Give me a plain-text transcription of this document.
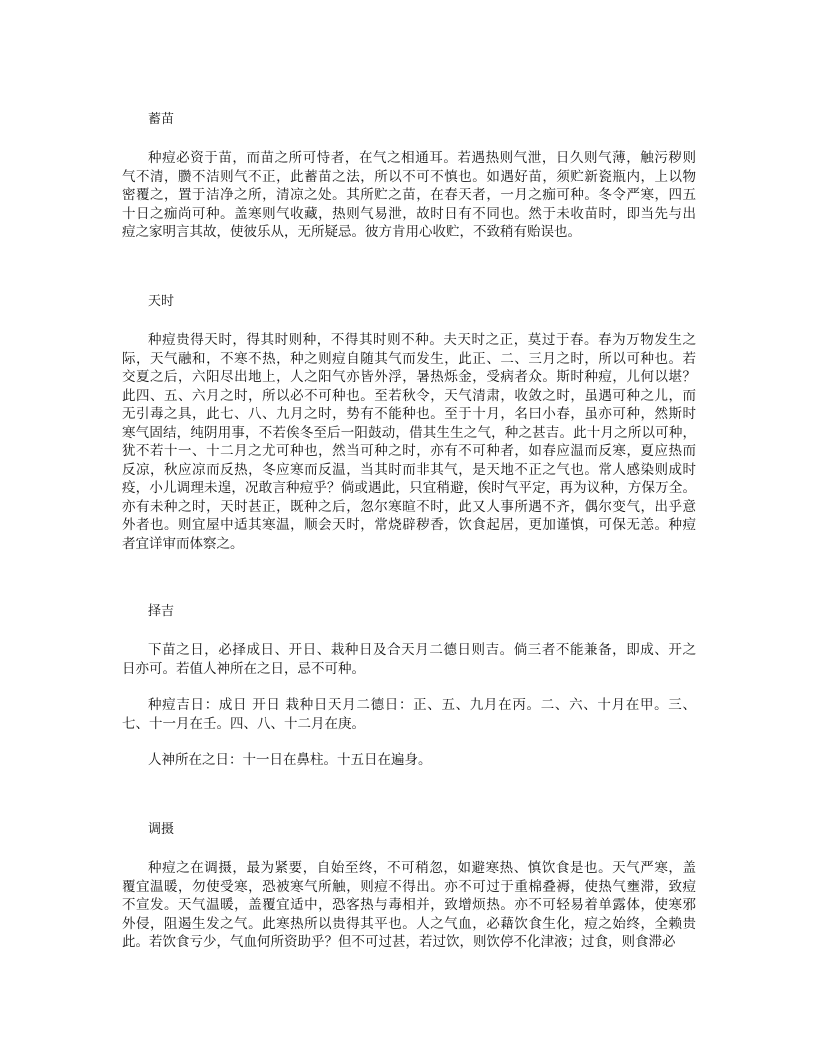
蓄苗
种痘必资于苗，而苗之所可恃者，在气之相通耳。若遇热则气泄，日久则气薄，触污秽则
气不清，臜不洁则气不正，此蓄苗之法，所以不可不慎也。如遇好苗，须贮新瓷瓶内，上以物
密覆之，置于洁净之所，清凉之处。其所贮之苗，在春天者，一月之痂可种。冬令严寒，四五
十日之痂尚可种。盖寒则气收藏，热则气易泄，故时日有不同也。然于未收苗时，即当先与出
痘之家明言其故，使彼乐从，无所疑忌。彼方肯用心收贮，不致稍有贻误也。
天时
种痘贵得天时，得其时则种，不得其时则不种。夫天时之正，莫过于春。春为万物发生之
际，天气融和，不寒不热，种之则痘自随其气而发生，此正、二、三月之时，所以可种也。若
交夏之后，六阳尽出地上，人之阳气亦皆外浮，暑热烁金，受病者众。斯时种痘，儿何以堪？
此四、五、六月之时，所以必不可种也。至若秋令，天气清肃，收敛之时，虽遇可种之儿，而
无引毒之具，此七、八、九月之时，势有不能种也。至于十月，名曰小春，虽亦可种，然斯时
寒气固结，纯阴用事，不若俟冬至后一阳鼓动，借其生生之气，种之甚吉。此十月之所以可种，
犹不若十一、十二月之尤可种也，然当可种之时，亦有不可种者，如春应温而反寒，夏应热而
反凉，秋应凉而反热，冬应寒而反温，当其时而非其气，是天地不正之气也。常人感染则成时
疫，小儿调理未遑，况敢言种痘乎？倘或遇此，只宜稍避，俟时气平定，再为议种，方保万全。
亦有未种之时，天时甚正，既种之后，忽尔寒暄不时，此又人事所遇不齐，偶尔变气，出乎意
外者也。则宜屋中适其寒温，顺会天时，常烧辟秽香，饮食起居，更加谨慎，可保无恙。种痘
者宜详审而体察之。
择吉
下苗之日，必择成日、开日、栽种日及合天月二德日则吉。倘三者不能兼备，即成、开之
日亦可。若值人神所在之日，忌不可种。
种痘吉日：成日 开日 栽种日天月二德日：正、五、九月在丙。二、六、十月在甲。三、
七、十一月在壬。四、八、十二月在庚。
人神所在之日：十一日在鼻柱。十五日在遍身。
调摄
种痘之在调摄，最为紧要，自始至终，不可稍忽，如避寒热、慎饮食是也。天气严寒，盖
覆宜温暖，勿使受寒，恐被寒气所触，则痘不得出。亦不可过于重棉叠褥，使热气壅滞，致痘
不宣发。天气温暖，盖覆宜适中，恐客热与毒相并，致增烦热。亦不可轻易着单露体，使寒邪
外侵，阻遏生发之气。此寒热所以贵得其平也。人之气血，必藉饮食生化，痘之始终，全赖贵
此。若饮食亏少，气血何所资助乎？但不可过甚，若过饮，则饮停不化津液；过食，则食滞必
